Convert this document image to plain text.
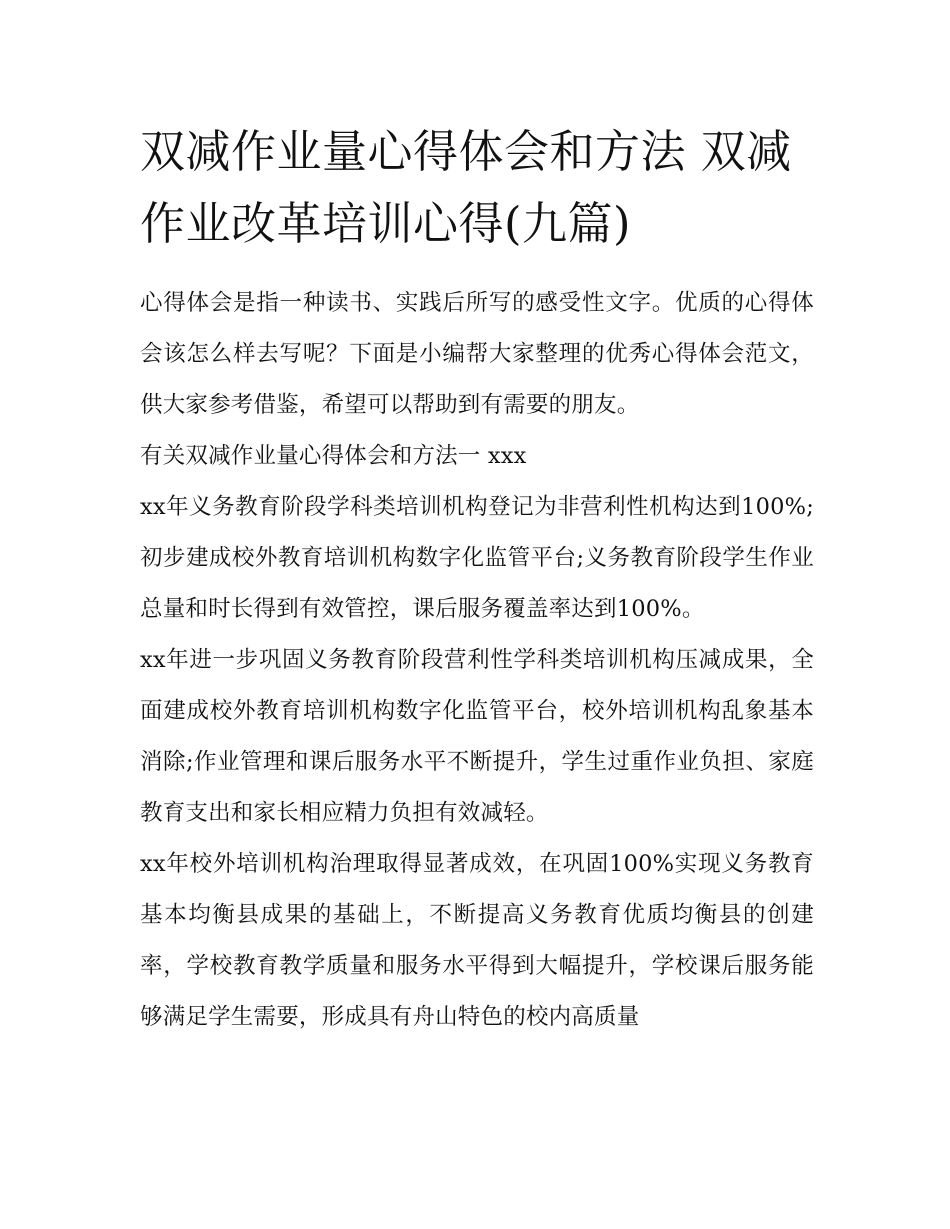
双减作业量心得体会和方法 双减作业改革培训心得(九篇)

心得体会是指一种读书、实践后所写的感受性文字。优质的心得体会该怎么样去写呢？下面是小编帮大家整理的优秀心得体会范文，供大家参考借鉴，希望可以帮助到有需要的朋友。

有关双减作业量心得体会和方法一 xxx

xx年义务教育阶段学科类培训机构登记为非营利性机构达到100%;初步建成校外教育培训机构数字化监管平台;义务教育阶段学生作业总量和时长得到有效管控，课后服务覆盖率达到100%。

xx年进一步巩固义务教育阶段营利性学科类培训机构压减成果，全面建成校外教育培训机构数字化监管平台，校外培训机构乱象基本消除;作业管理和课后服务水平不断提升，学生过重作业负担、家庭教育支出和家长相应精力负担有效减轻。

xx年校外培训机构治理取得显著成效，在巩固100%实现义务教育基本均衡县成果的基础上，不断提高义务教育优质均衡县的创建率，学校教育教学质量和服务水平得到大幅提升，学校课后服务能够满足学生需要，形成具有舟山特色的校内高质量
